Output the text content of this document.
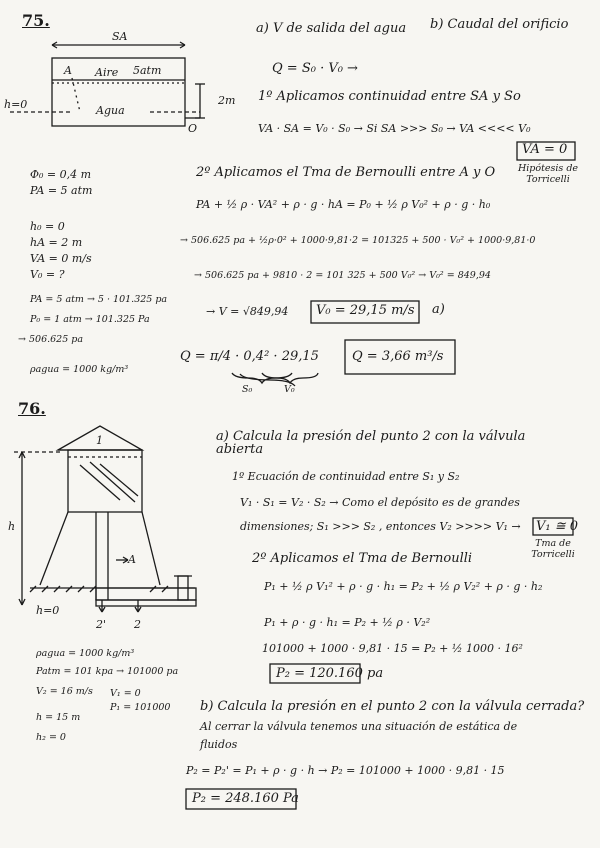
75.
SA
A Aire 5atm
Agua
h=0	2m
O
a) V de salida del agua b) Caudal del orificio
Q = S₀ · V₀ →
1º Aplicamos continuidad entre SA y So
VA · SA = V₀ · S₀ → Si SA >>> S₀ → VA <<<< V₀
VA = 0
Hipótesis de Torricelli
Φ₀ = 0,4 m
PA = 5 atm
h₀ = 0
hA = 2 m
VA = 0 m/s
V₀ = ?
PA = 5 atm → 5 · 101.325 pa
P₀ = 1 atm → 101.325 Pa
→ 506.625 pa
ρagua = 1000 kg/m³
2º Aplicamos el Tma de Bernoulli entre A y O
PA + ½ ρ · VA² + ρ · g · hA = P₀ + ½ ρ V₀² + ρ · g · h₀
→ 506.625 pa + ½ρ·0² + 1000·9,81·2 = 101325 + 500 · V₀² + 1000·9,81·0
→ 506.625 pa + 9810 · 2 = 101 325 + 500 V₀² → V₀² = 849,94
→ V = √849,94 V₀ = 29,15 m/s a)
Q = π/4 · 0,4² · 29,15
S₀	V₀
Q = 3,66 m³/s
76.
1
h
A
h=0
2'	2
a) Calcula la presión del punto 2 con la válvula abierta
1º Ecuación de continuidad entre S₁ y S₂
V₁ · S₁ = V₂ · S₂ → Como el depósito es de grandes
dimensiones; S₁ >>> S₂ , entonces V₂ >>>> V₁ → V₁ ≅ 0
Tma de Torricelli
2º Aplicamos el Tma de Bernoulli
P₁ + ½ ρ V₁² + ρ · g · h₁ = P₂ + ½ ρ V₂² + ρ · g · h₂
P₁ + ρ · g · h₁ = P₂ + ½ ρ · V₂²
101000 + 1000 · 9,81 · 15 = P₂ + ½ 1000 · 16²
P₂ = 120.160 pa
ρagua = 1000 kg/m³
Patm = 101 kpa → 101000 pa
V₂ = 16 m/s V₁ = 0
P₁ = 101000
h = 15 m
h₂ = 0
b) Calcula la presión en el punto 2 con la válvula cerrada?
Al cerrar la válvula tenemos una situación de estática de
fluidos
P₂ = P₂' = P₁ + ρ · g · h → P₂ = 101000 + 1000 · 9,81 · 15
P₂ = 248.160 Pa
